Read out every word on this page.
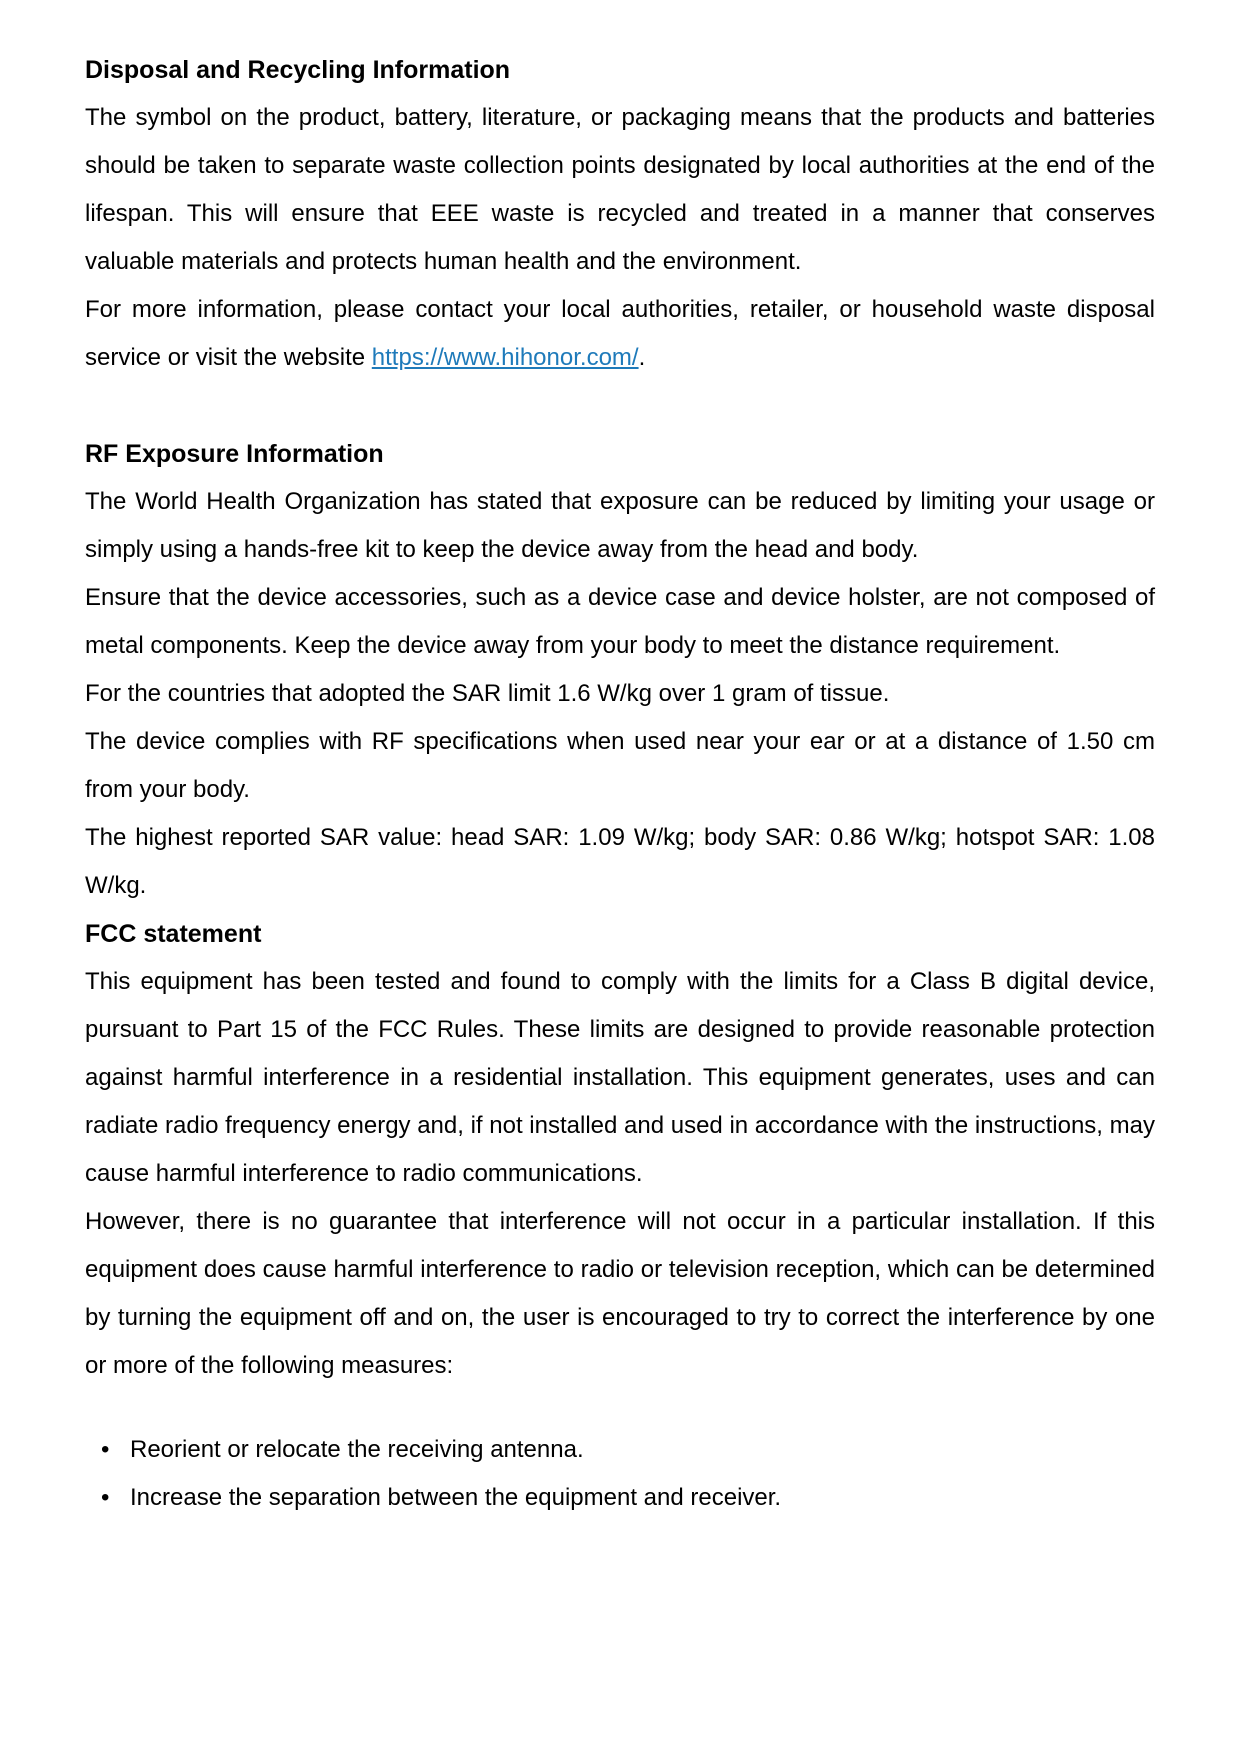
Disposal and Recycling Information

The symbol on the product, battery, literature, or packaging means that the products and batteries should be taken to separate waste collection points designated by local authorities at the end of the lifespan. This will ensure that EEE waste is recycled and treated in a manner that conserves valuable materials and protects human health and the environment.

For more information, please contact your local authorities, retailer, or household waste disposal service or visit the website https://www.hihonor.com/.

RF Exposure Information

The World Health Organization has stated that exposure can be reduced by limiting your usage or simply using a hands-free kit to keep the device away from the head and body.

Ensure that the device accessories, such as a device case and device holster, are not composed of metal components. Keep the device away from your body to meet the distance requirement.

For the countries that adopted the SAR limit 1.6 W/kg over 1 gram of tissue.

The device complies with RF specifications when used near your ear or at a distance of 1.50 cm from your body.

The highest reported SAR value: head SAR: 1.09 W/kg; body SAR: 0.86 W/kg; hotspot SAR: 1.08 W/kg.

FCC statement

This equipment has been tested and found to comply with the limits for a Class B digital device, pursuant to Part 15 of the FCC Rules. These limits are designed to provide reasonable protection against harmful interference in a residential installation. This equipment generates, uses and can radiate radio frequency energy and, if not installed and used in accordance with the instructions, may cause harmful interference to radio communications.

However, there is no guarantee that interference will not occur in a particular installation. If this equipment does cause harmful interference to radio or television reception, which can be determined by turning the equipment off and on, the user is encouraged to try to correct the interference by one or more of the following measures:

• Reorient or relocate the receiving antenna.
• Increase the separation between the equipment and receiver.
